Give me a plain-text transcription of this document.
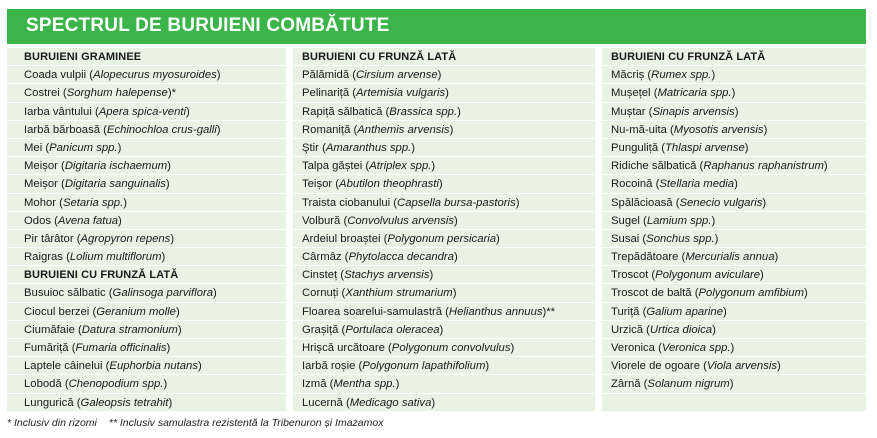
SPECTRUL DE BURUIENI COMBĂTUTE
BURUIENI GRAMINEE
Coada vulpii (Alopecurus myosuroides)
Costrei (Sorghum halepense)*
Iarba vântului (Apera spica-venti)
Iarbă bărboasă (Echinochloa crus-galli)
Mei (Panicum spp.)
Meișor (Digitaria ischaemum)
Meișor (Digitaria sanguinalis)
Mohor (Setaria spp.)
Odos (Avena fatua)
Pir târâtor (Agropyron repens)
Raigras (Lolium multiflorum)
BURUIENI CU FRUNZĂ LATĂ
Busuioc sălbatic (Galinsoga parviflora)
Ciocul berzei (Geranium molle)
Ciumăfaie (Datura stramonium)
Fumăriță (Fumaria officinalis)
Laptele câinelui (Euphorbia nutans)
Lobodă (Chenopodium spp.)
Lungurică (Galeopsis tetrahit)
BURUIENI CU FRUNZĂ LATĂ
Pălămidă (Cirsium arvense)
Pelinariță (Artemisia vulgaris)
Rapiță sălbatică (Brassica spp.)
Romaniță (Anthemis arvensis)
Ştir (Amaranthus spp.)
Talpa găștei (Atriplex spp.)
Teișor (Abutilon theophrasti)
Traista ciobanului (Capsella bursa-pastoris)
Volbură (Convolvulus arvensis)
Ardeiul broaștei (Polygonum persicaria)
Cârmâz (Phytolacca decandra)
Cinsteț (Stachys arvensis)
Cornuți (Xanthium strumarium)
Floarea soarelui-samulastră (Helianthus annuus)**
Grașiță (Portulaca oleracea)
Hrișcă urcătoare (Polygonum convolvulus)
Iarbă roșie (Polygonum lapathifolium)
Izmă (Mentha spp.)
Lucernă (Medicago sativa)
BURUIENI CU FRUNZĂ LATĂ
Măcriș (Rumex spp.)
Mușețel (Matricaria spp.)
Muștar (Sinapis arvensis)
Nu-mă-uita (Myosotis arvensis)
Punguliță (Thlaspi arvense)
Ridiche sălbatică (Raphanus raphanistrum)
Rocoină (Stellaria media)
Spălăcioasă (Senecio vulgaris)
Sugel (Lamium spp.)
Susai (Sonchus spp.)
Trepădătoare (Mercurialis annua)
Troscot (Polygonum aviculare)
Troscot de baltă (Polygonum amfibium)
Turiță (Galium aparine)
Urzică (Urtica dioica)
Veronica (Veronica spp.)
Viorele de ogoare (Viola arvensis)
Zârnă (Solanum nigrum)
* Inclusiv din rizomi ** Inclusiv samulastra rezistentă la Tribenuron și Imazamox
